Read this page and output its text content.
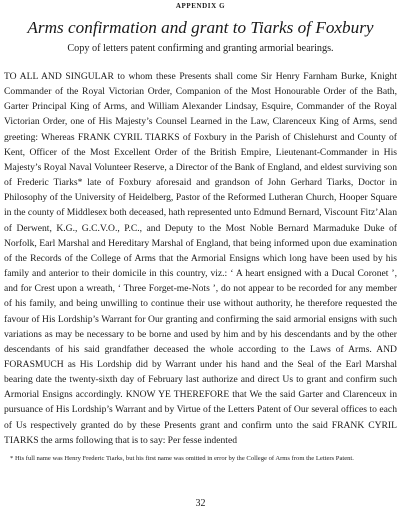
APPENDIX G
Arms confirmation and grant to Tiarks of Foxbury
Copy of letters patent confirming and granting armorial bearings.

TO ALL AND SINGULAR to whom these Presents shall come Sir Henry Farnham Burke, Knight Commander of the Royal Victorian Order, Companion of the Most Honourable Order of the Bath, Garter Principal King of Arms, and William Alexander Lindsay, Esquire, Commander of the Royal Victorian Order, one of His Majesty’s Counsel Learned in the Law, Clarenceux King of Arms, send greeting: Whereas FRANK CYRIL TIARKS of Foxbury in the Parish of Chislehurst and County of Kent, Officer of the Most Excellent Order of the British Empire, Lieutenant-Commander in His Majesty’s Royal Naval Volunteer Reserve, a Director of the Bank of England, and eldest surviving son of Frederic Tiarks* late of Foxbury aforesaid and grandson of John Gerhard Tiarks, Doctor in Philosophy of the University of Heidelberg, Pastor of the Reformed Lutheran Church, Hooper Square in the county of Middlesex both deceased, hath represented unto Edmund Bernard, Viscount Fitz’Alan of Derwent, K.G., G.C.V.O., P.C., and Deputy to the Most Noble Bernard Marmaduke Duke of Norfolk, Earl Marshal and Hereditary Marshal of England, that being informed upon due examination of the Records of the College of Arms that the Armorial Ensigns which long have been used by his family and anterior to their domicile in this country, viz.: ‘ A heart ensigned with a Ducal Coronet ’, and for Crest upon a wreath, ‘ Three Forget-me-Nots ’, do not appear to be recorded for any member of his family, and being unwilling to continue their use without authority, he therefore requested the favour of His Lordship’s Warrant for Our granting and confirming the said armorial ensigns with such variations as may be necessary to be borne and used by him and by his descendants and by the other descendants of his said grandfather deceased the whole according to the Laws of Arms. AND FORASMUCH as His Lordship did by Warrant under his hand and the Seal of the Earl Marshal bearing date the twenty-sixth day of February last authorize and direct Us to grant and confirm such Armorial Ensigns accordingly. KNOW YE THEREFORE that We the said Garter and Clarenceux in pursuance of His Lordship’s Warrant and by Virtue of the Letters Patent of Our several offices to each of Us respectively granted do by these Presents grant and confirm unto the said FRANK CYRIL TIARKS the arms following that is to say: Per fesse indented

* His full name was Henry Frederic Tiarks, but his first name was omitted in error by the College of Arms from the Letters Patent.
32
